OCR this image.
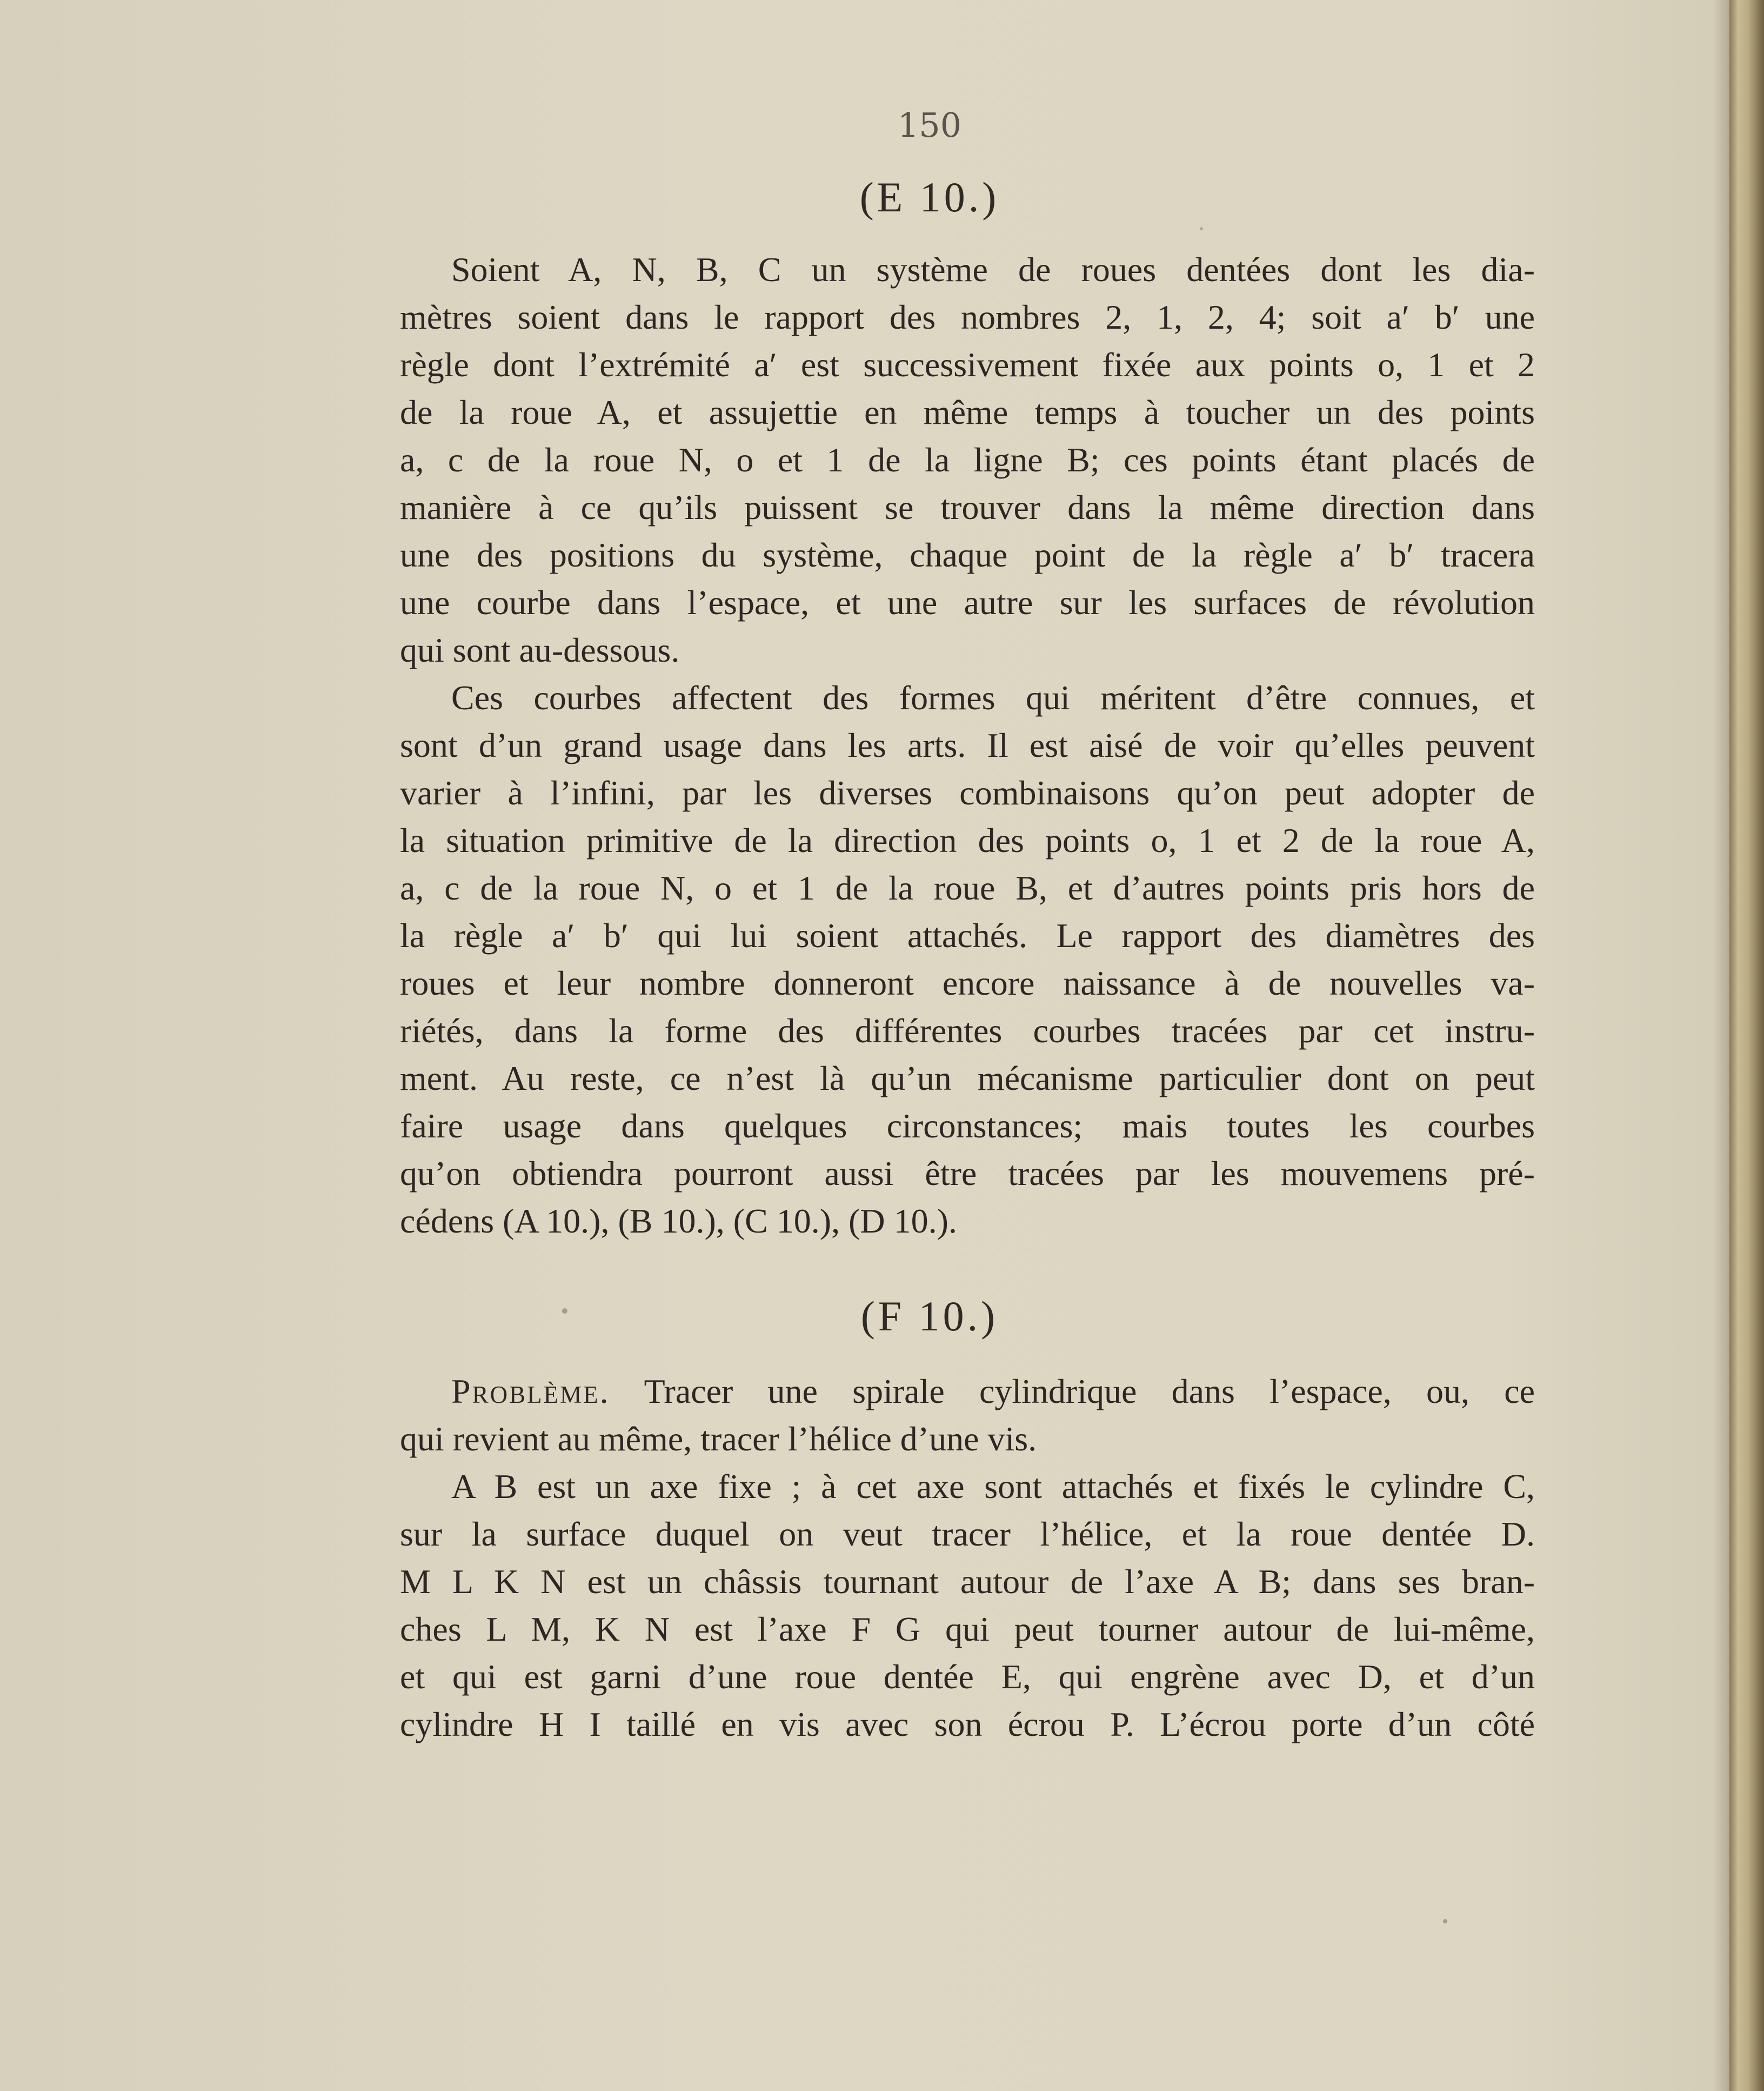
150
(E 10.)
Soient A, N, B, C un système de roues dentées dont les dia-
mètres soient dans le rapport des nombres 2, 1, 2, 4; soit a′ b′ une
règle dont l’extrémité a′ est successivement fixée aux points o, 1 et 2
de la roue A, et assujettie en même temps à toucher un des points
a, c de la roue N, o et 1 de la ligne B; ces points étant placés de
manière à ce qu’ils puissent se trouver dans la même direction dans
une des positions du système, chaque point de la règle a′ b′ tracera
une courbe dans l’espace, et une autre sur les surfaces de révolution
qui sont au-dessous.
Ces courbes affectent des formes qui méritent d’être connues, et
sont d’un grand usage dans les arts. Il est aisé de voir qu’elles peuvent
varier à l’infini, par les diverses combinaisons qu’on peut adopter de
la situation primitive de la direction des points o, 1 et 2 de la roue A,
a, c de la roue N, o et 1 de la roue B, et d’autres points pris hors de
la règle a′ b′ qui lui soient attachés. Le rapport des diamètres des
roues et leur nombre donneront encore naissance à de nouvelles va-
riétés, dans la forme des différentes courbes tracées par cet instru-
ment. Au reste, ce n’est là qu’un mécanisme particulier dont on peut
faire usage dans quelques circonstances; mais toutes les courbes
qu’on obtiendra pourront aussi être tracées par les mouvemens pré-
cédens (A 10.), (B 10.), (C 10.), (D 10.).
(F 10.)
Problème. Tracer une spirale cylindrique dans l’espace, ou, ce
qui revient au même, tracer l’hélice d’une vis.
A B est un axe fixe ; à cet axe sont attachés et fixés le cylindre C,
sur la surface duquel on veut tracer l’hélice, et la roue dentée D.
M L K N est un châssis tournant autour de l’axe A B; dans ses bran-
ches L M, K N est l’axe F G qui peut tourner autour de lui-même,
et qui est garni d’une roue dentée E, qui engrène avec D, et d’un
cylindre H I taillé en vis avec son écrou P. L’écrou porte d’un côté
